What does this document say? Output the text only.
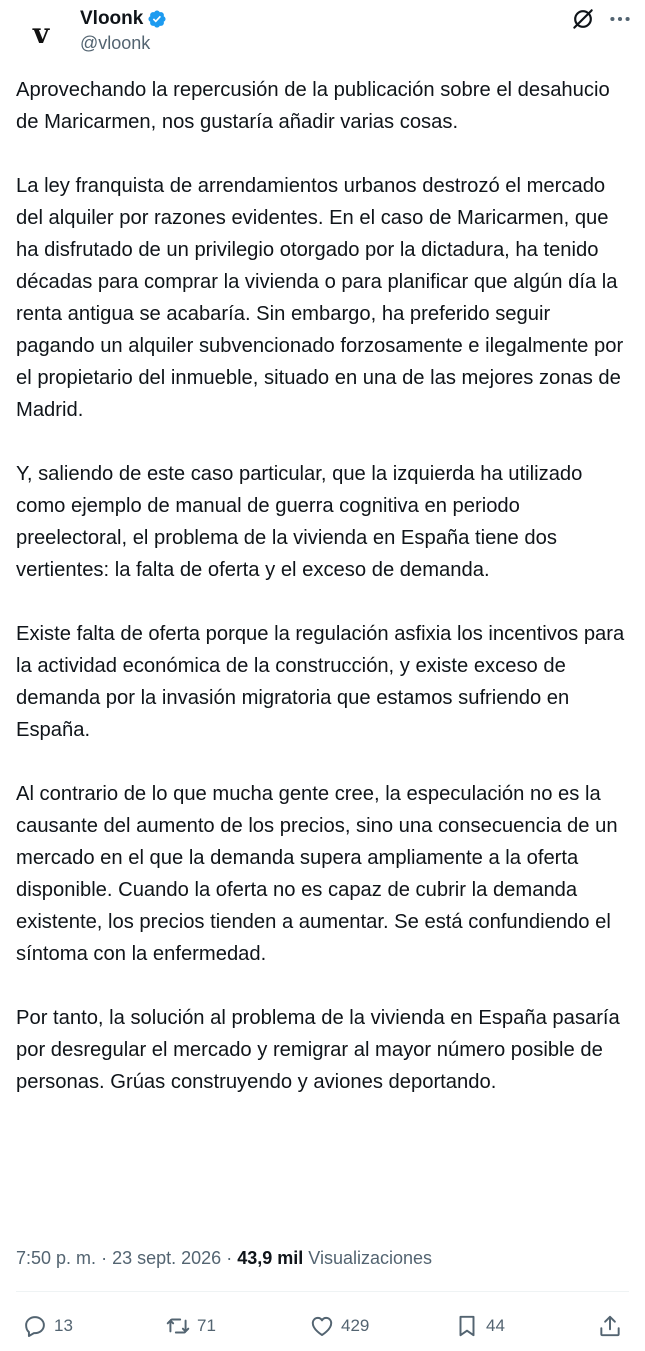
v	Vloonk
@vloonk

Aprovechando la repercusión de la publicación sobre el desahucio de Maricarmen, nos gustaría añadir varias cosas.

La ley franquista de arrendamientos urbanos destrozó el mercado del alquiler por razones evidentes. En el caso de Maricarmen, que ha disfrutado de un privilegio otorgado por la dictadura, ha tenido décadas para comprar la vivienda o para planificar que algún día la renta antigua se acabaría. Sin embargo, ha preferido seguir pagando un alquiler subvencionado forzosamente e ilegalmente por el propietario del inmueble, situado en una de las mejores zonas de Madrid.

Y, saliendo de este caso particular, que la izquierda ha utilizado como ejemplo de manual de guerra cognitiva en periodo preelectoral, el problema de la vivienda en España tiene dos vertientes: la falta de oferta y el exceso de demanda.

Existe falta de oferta porque la regulación asfixia los incentivos para la actividad económica de la construcción, y existe exceso de demanda por la invasión migratoria que estamos sufriendo en España.

Al contrario de lo que mucha gente cree, la especulación no es la causante del aumento de los precios, sino una consecuencia de un mercado en el que la demanda supera ampliamente a la oferta disponible. Cuando la oferta no es capaz de cubrir la demanda existente, los precios tienden a aumentar. Se está confundiendo el síntoma con la enfermedad.

Por tanto, la solución al problema de la vivienda en España pasaría por desregular el mercado y remigrar al mayor número posible de personas. Grúas construyendo y aviones deportando.

7:50 p. m. · 23 sept. 2026 · 43,9 mil Visualizaciones
13	71	429	44
